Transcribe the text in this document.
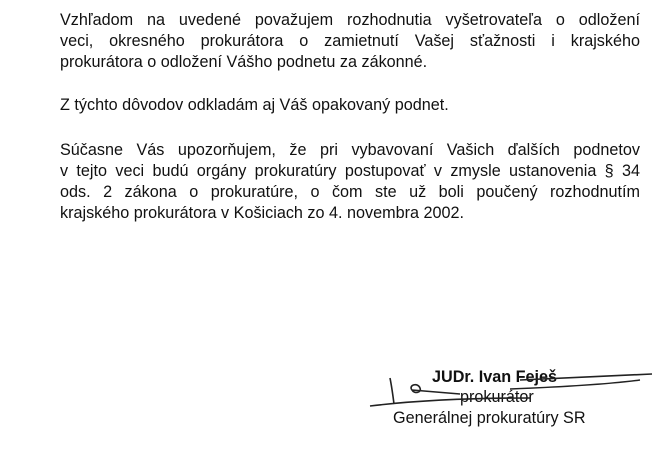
Vzhľadom na uvedené považujem rozhodnutia vyšetrovateľa o odložení
veci, okresného prokurátora o zamietnutí Vašej sťažnosti i krajského
prokurátora o odložení Vášho podnetu za zákonné.

Z týchto dôvodov odkladám aj Váš opakovaný podnet.

Súčasne Vás upozorňujem, že pri vybavovaní Vašich ďalších podnetov
v tejto veci budú orgány prokuratúry postupovať v zmysle ustanovenia § 34
ods. 2 zákona o prokuratúre, o čom ste už boli poučený rozhodnutím
krajského prokurátora v Košiciach zo 4. novembra 2002.

JUDr. Ivan Feješ
prokurátor
Generálnej prokuratúry SR
